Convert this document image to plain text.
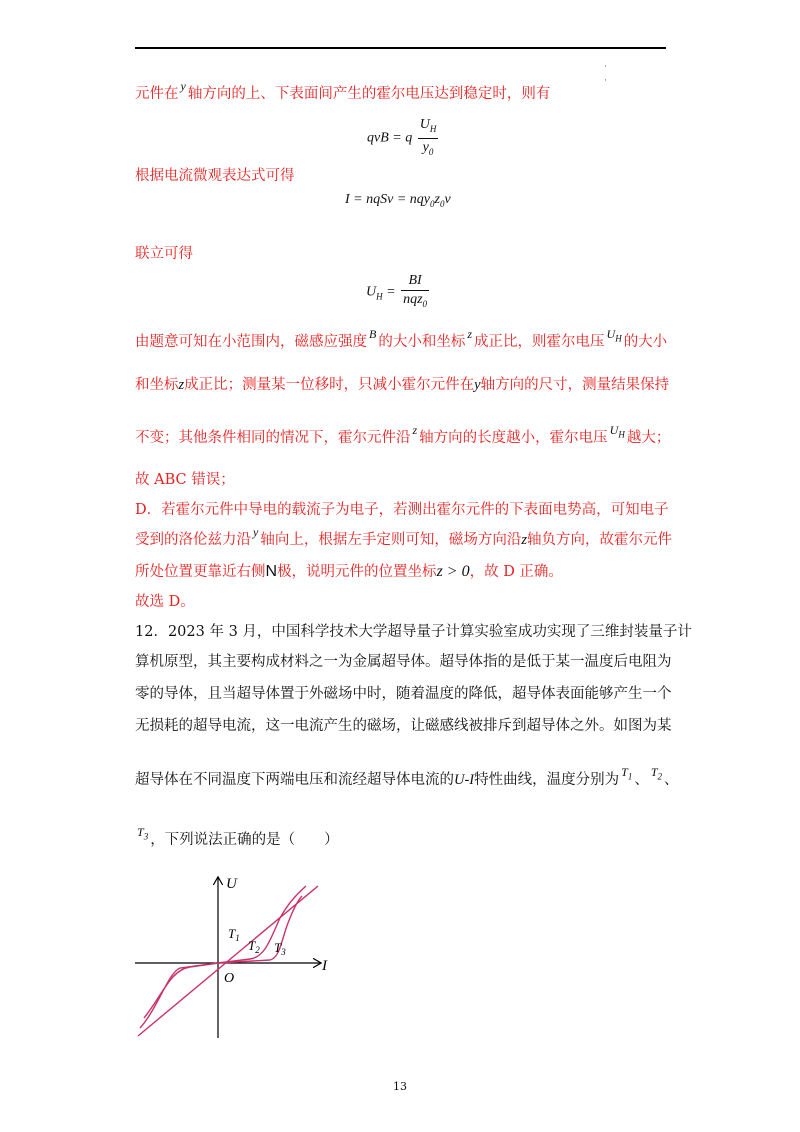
·
·
元件在 $^y$ 轴方向的上、下表面间产生的霍尔电压达到稳定时，则有
qvB = q $\frac{U_H}{y_0}$
根据电流微观表达式可得
I = nqSv = $nqy_0z_0v$
联立可得
$U_H = \frac{BI}{nqz_0}$
由题意可知在小范围内，磁感应强度 $^B$ 的大小和坐标 $^z$ 成正比，则霍尔电压 $^{U_H}$ 的大小
和坐标z成正比；测量某一位移时，只减小霍尔元件在y轴方向的尺寸，测量结果保持
不变；其他条件相同的情况下，霍尔元件沿 $^z$ 轴方向的长度越小，霍尔电压 $^{U_H}$ 越大；
故 ABC 错误；
D．若霍尔元件中导电的载流子为电子，若测出霍尔元件的下表面电势高，可知电子
受到的洛伦兹力沿 $^y$ 轴向上，根据左手定则可知，磁场方向沿z轴负方向，故霍尔元件
所处位置更靠近右侧N极，说明元件的位置坐标z > 0，故 D 正确。
故选 D。
12．2023 年 3 月，中国科学技术大学超导量子计算实验室成功实现了三维封装量子计
算机原型，其主要构成材料之一为金属超导体。超导体指的是低于某一温度后电阻为
零的导体，且当超导体置于外磁场中时，随着温度的降低，超导体表面能够产生一个
无损耗的超导电流，这一电流产生的磁场，让磁感线被排斥到超导体之外。如图为某
超导体在不同温度下两端电压和流经超导体电流的U-I特性曲线，温度分别为 $^{T_1}$ 、 $^{T_2}$ 、
$^{T_3}$ ，下列说法正确的是（　　）
U
I
O
$T_1$ $T_2$ $T_3$
13
